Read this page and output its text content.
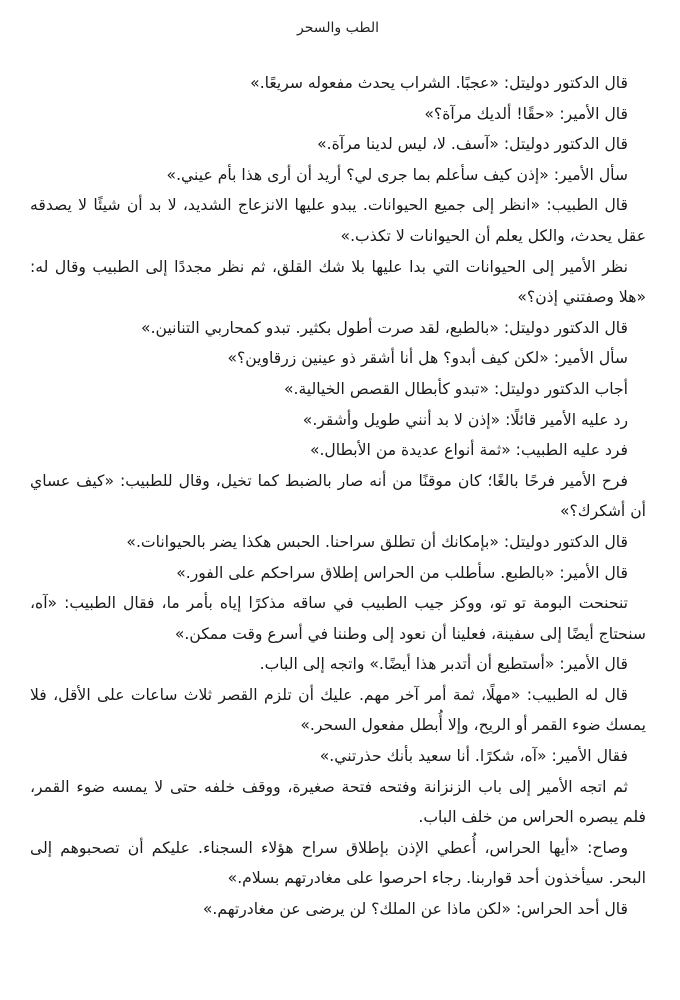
الطب والسحر

قال الدكتور دوليتل: «عجبًا. الشراب يحدث مفعوله سريعًا.»

قال الأمير: «حقًا! ألديك مرآة؟»

قال الدكتور دوليتل: «آسف. لا، ليس لدينا مرآة.»

سأل الأمير: «إذن كيف سأعلم بما جرى لي؟ أريد أن أرى هذا بأم عيني.»

قال الطبيب: «انظر إلى جميع الحيوانات. يبدو عليها الانزعاج الشديد، لا بد أن شيئًا لا يصدقه عقل يحدث، والكل يعلم أن الحيوانات لا تكذب.»

نظر الأمير إلى الحيوانات التي بدا عليها بلا شك القلق، ثم نظر مجددًا إلى الطبيب وقال له: «هلا وصفتني إذن؟»

قال الدكتور دوليتل: «بالطبع، لقد صرت أطول بكثير. تبدو كمحاربي التنانين.»

سأل الأمير: «لكن كيف أبدو؟ هل أنا أشقر ذو عينين زرقاوين؟»

أجاب الدكتور دوليتل: «تبدو كأبطال القصص الخيالية.»

رد عليه الأمير قائلًا: «إذن لا بد أنني طويل وأشقر.»

فرد عليه الطبيب: «ثمة أنواع عديدة من الأبطال.»

فرح الأمير فرحًا بالغًا؛ كان موقنًا من أنه صار بالضبط كما تخيل، وقال للطبيب: «كيف عساي أن أشكرك؟»

قال الدكتور دوليتل: «بإمكانك أن تطلق سراحنا. الحبس هكذا يضر بالحيوانات.»

قال الأمير: «بالطبع. سأطلب من الحراس إطلاق سراحكم على الفور.»

تنحنحت البومة تو تو، ووكز جيب الطبيب في ساقه مذكرًا إياه بأمر ما، فقال الطبيب: «آه، سنحتاج أيضًا إلى سفينة، فعلينا أن نعود إلى وطننا في أسرع وقت ممكن.»

قال الأمير: «أستطيع أن أتدبر هذا أيضًا.» واتجه إلى الباب.

قال له الطبيب: «مهلًا، ثمة أمر آخر مهم. عليك أن تلزم القصر ثلاث ساعات على الأقل، فلا يمسك ضوء القمر أو الريح، وإلا أُبطل مفعول السحر.»

فقال الأمير: «آه، شكرًا. أنا سعيد بأنك حذرتني.»

ثم اتجه الأمير إلى باب الزنزانة وفتحه فتحة صغيرة، ووقف خلفه حتى لا يمسه ضوء القمر، فلم يبصره الحراس من خلف الباب.

وصاح: «أيها الحراس، أُعطي الإذن بإطلاق سراح هؤلاء السجناء. عليكم أن تصحبوهم إلى البحر. سيأخذون أحد قواربنا. رجاء احرصوا على مغادرتهم بسلام.»

قال أحد الحراس: «لكن ماذا عن الملك؟ لن يرضى عن مغادرتهم.»
